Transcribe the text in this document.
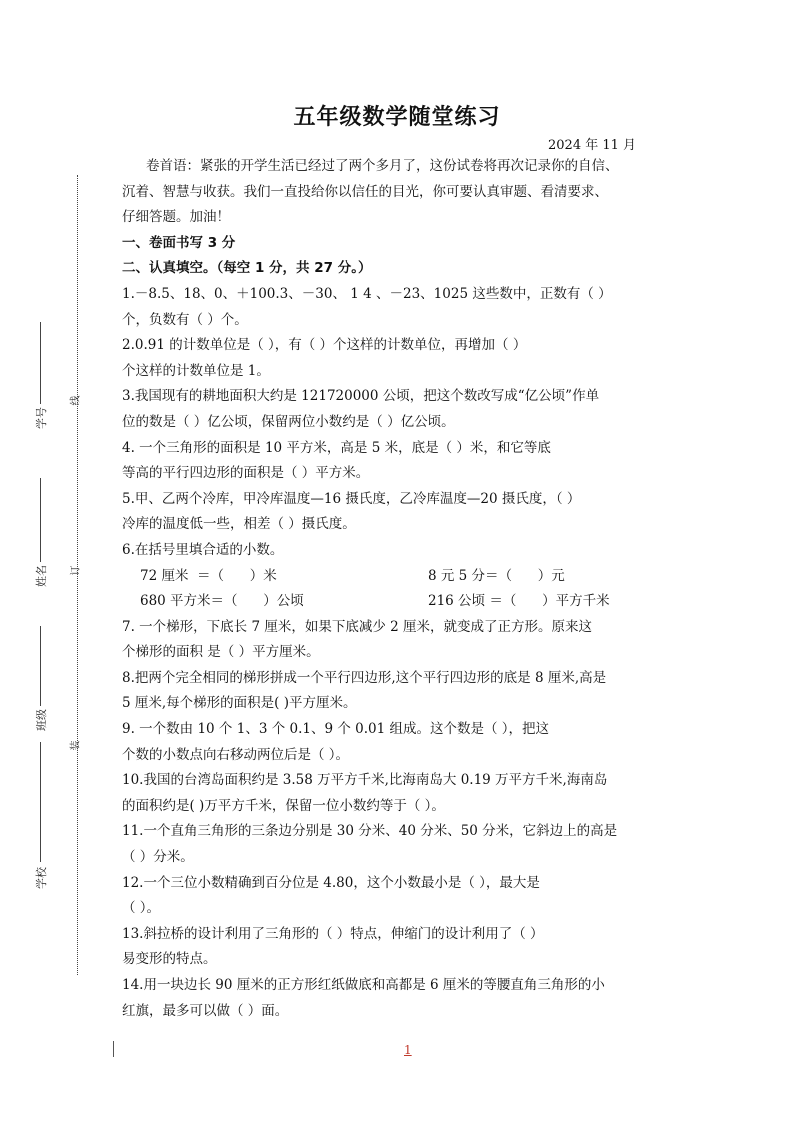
线
订
装
学号
姓名
班级
学校
五年级数学随堂练习
2024 年 11 月

卷首语：紧张的开学生活已经过了两个多月了，这份试卷将再次记录你的自信、

沉着、智慧与收获。我们一直投给你以信任的目光，你可要认真审题、看清要求、

仔细答题。加油！

一、卷面书写 3 分

二、认真填空。（每空 1 分，共 27 分。）

1.－8.5、18、0、＋100.3、－30、 1 4 、－23、1025 这些数中，正数有（ ）

个，负数有（ ）个。

2.0.91 的计数单位是（ ），有（ ）个这样的计数单位，再增加（ ）

个这样的计数单位是 1。

3.我国现有的耕地面积大约是 121720000 公顷，把这个数改写成“亿公顷”作单

位的数是（ ）亿公顷，保留两位小数约是（ ）亿公顷。

4. 一个三角形的面积是 10 平方米，高是 5 米，底是（ ）米，和它等底

等高的平行四边形的面积是（ ）平方米。

5.甲、乙两个冷库，甲冷库温度—16 摄氏度，乙冷库温度—20 摄氏度，（ ）

冷库的温度低一些，相差（ ）摄氏度。

6.在括号里填合适的小数。

72 厘米  ＝（      ）米	8 元 5 分＝（      ）元
680 平方米＝（      ）公顷	216 公顷 ＝（      ）平方千米

7. 一个梯形，下底长 7 厘米，如果下底减少 2 厘米，就变成了正方形。原来这

个梯形的面积 是（ ）平方厘米。

8.把两个完全相同的梯形拼成一个平行四边形,这个平行四边形的底是 8 厘米,高是

5 厘米,每个梯形的面积是( )平方厘米。

9. 一个数由 10 个 1、3 个 0.1、9 个 0.01 组成。这个数是（ ），把这

个数的小数点向右移动两位后是（ ）。

10.我国的台湾岛面积约是 3.58 万平方千米,比海南岛大 0.19 万平方千米,海南岛

的面积约是( )万平方千米，保留一位小数约等于（ ）。

11.一个直角三角形的三条边分别是 30 分米、40 分米、50 分米，它斜边上的高是

（ ）分米。

12.一个三位小数精确到百分位是 4.80，这个小数最小是（ ），最大是

（ ）。

13.斜拉桥的设计利用了三角形的（ ）特点，伸缩门的设计利用了（ ）

易变形的特点。

14.用一块边长 90 厘米的正方形红纸做底和高都是 6 厘米的等腰直角三角形的小

红旗，最多可以做（ ）面。

1
